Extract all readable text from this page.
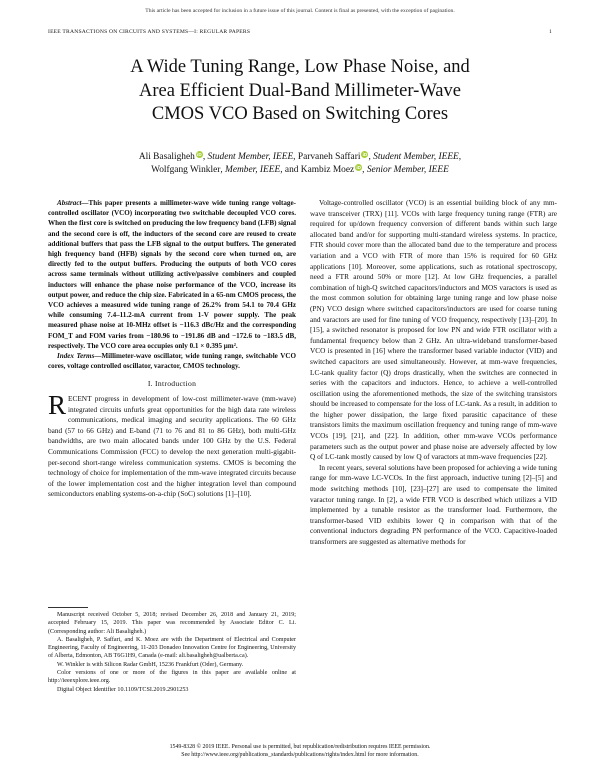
This article has been accepted for inclusion in a future issue of this journal. Content is final as presented, with the exception of pagination.
IEEE TRANSACTIONS ON CIRCUITS AND SYSTEMS—I: REGULAR PAPERS	1
A Wide Tuning Range, Low Phase Noise, and
Area Efficient Dual-Band Millimeter-Wave
CMOS VCO Based on Switching Cores
Ali Basaligheh iD, Student Member, IEEE, Parvaneh Saffari iD, Student Member, IEEE,
Wolfgang Winkler, Member, IEEE, and Kambiz Moez iD, Senior Member, IEEE

Abstract—This paper presents a millimeter-wave wide tuning range voltage-controlled oscillator (VCO) incorporating two switchable decoupled VCO cores. When the first core is switched on producing the low frequency band (LFB) signal and the second core is off, the inductors of the second core are reused to create additional buffers that pass the LFB signal to the output buffers. The generated high frequency band (HFB) signals by the second core when turned on, are directly fed to the output buffers. Producing the outputs of both VCO cores across same terminals without utilizing active/passive combiners and coupled inductors will enhance the phase noise performance of the VCO, increase its output power, and reduce the chip size. Fabricated in a 65-nm CMOS process, the VCO achieves a measured wide tuning range of 26.2% from 54.1 to 70.4 GHz while consuming 7.4–11.2-mA current from 1-V power supply. The peak measured phase noise at 10-MHz offset is −116.3 dBc/Hz and the corresponding FOM_T and FOM varies from −180.96 to −191.86 dB and −172.6 to −183.5 dB, respectively. The VCO core area occupies only 0.1 × 0.395 μm².

Index Terms—Millimeter-wave oscillator, wide tuning range, switchable VCO cores, voltage controlled oscillator, varactor, CMOS technology.

I. Introduction

RECENT progress in development of low-cost millimeter-wave (mm-wave) integrated circuits unfurls great opportunities for the high data rate wireless communications, medical imaging and security applications. The 60 GHz band (57 to 66 GHz) and E-band (71 to 76 and 81 to 86 GHz), both multi-GHz bandwidths, are two main allocated bands under 100 GHz by the U.S. Federal Communications Commission (FCC) to develop the next generation multi-gigabit-per-second short-range wireless communication systems. CMOS is becoming the technology of choice for implementation of the mm-wave integrated circuits because of the lower implementation cost and the higher integration level than compound semiconductors enabling systems-on-a-chip (SoC) solutions [1]–[10].

Manuscript received October 5, 2018; revised December 26, 2018 and January 21, 2019; accepted February 15, 2019. This paper was recommended by Associate Editor C. Li. (Corresponding author: Ali Basaligheh.)

A. Basaligheh, P. Saffari, and K. Moez are with the Department of Electrical and Computer Engineering, Faculty of Engineering, 11-203 Donadeo Innovation Centre for Engineering, University of Alberta, Edmonton, AB T6G1H9, Canada (e-mail: ali.basaligheh@ualberta.ca).

W. Winkler is with Silicon Radar GmbH, 15236 Frankfurt (Oder), Germany.

Color versions of one or more of the figures in this paper are available online at http://ieeexplore.ieee.org.

Digital Object Identifier 10.1109/TCSI.2019.2901253

Voltage-controlled oscillator (VCO) is an essential building block of any mm-wave transceiver (TRX) [11]. VCOs with large frequency tuning range (FTR) are required for up/down frequency conversion of different bands within such large allocated band and/or for supporting multi-standard wireless systems. In practice, FTR should cover more than the allocated band due to the temperature and process variation and a VCO with FTR of more than 15% is required for 60 GHz applications [10]. Moreover, some applications, such as rotational spectroscopy, need a FTR around 50% or more [12]. At low GHz frequencies, a parallel combination of high-Q switched capacitors/inductors and MOS varactors is used as the most common solution for obtaining large tuning range and low phase noise (PN) VCO design where switched capacitors/inductors are used for coarse tuning and varactors are used for fine tuning of VCO frequency, respectively [13]–[20]. In [15], a switched resonator is proposed for low PN and wide FTR oscillator with a fundamental frequency below than 2 GHz. An ultra-wideband transformer-based VCO is presented in [16] where the transformer based variable inductor (VID) and switched capacitors are used simultaneously. However, at mm-wave frequencies, LC-tank quality factor (Q) drops drastically, when the switches are connected in series with the capacitors and inductors. Hence, to achieve a well-controlled oscillation using the aforementioned methods, the size of the switching transistors should be increased to compensate for the loss of LC-tank. As a result, in addition to the higher power dissipation, the large fixed parasitic capacitance of these transistors limits the maximum oscillation frequency and tuning range of mm-wave VCOs [19], [21], and [22]. In addition, other mm-wave VCOs performance parameters such as the output power and phase noise are adversely affected by low Q of LC-tank mostly caused by low Q of varactors at mm-wave frequencies [22].

In recent years, several solutions have been proposed for achieving a wide tuning range for mm-wave LC-VCOs. In the first approach, inductive tuning [2]–[5] and mode switching methods [10], [23]–[27] are used to compensate the limited varactor tuning range. In [2], a wide FTR VCO is described which utilizes a VID implemented by a tunable resistor as the transformer load. Furthermore, the transformer-based VID exhibits lower Q in comparison with that of the conventional inductors degrading PN performance of the VCO. Capacitive-loaded transformers are suggested as alternative methods for

1549-8328 © 2019 IEEE. Personal use is permitted, but republication/redistribution requires IEEE permission.
See http://www.ieee.org/publications_standards/publications/rights/index.html for more information.
